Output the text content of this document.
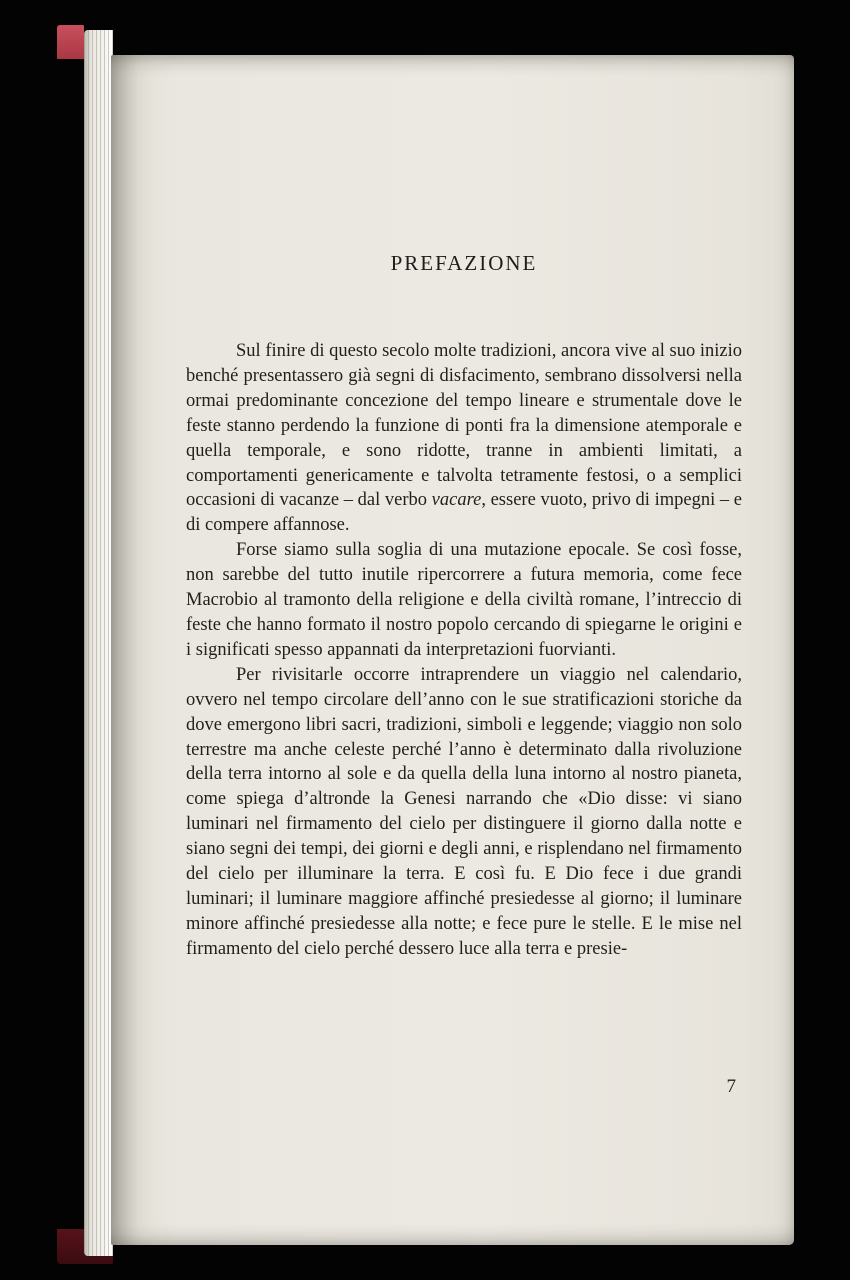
PREFAZIONE

Sul finire di questo secolo molte tradizioni, ancora vive al suo inizio benché presentassero già segni di disfacimento, sembrano dissolversi nella ormai predominante concezione del tempo lineare e strumentale dove le feste stanno perdendo la funzione di ponti fra la dimensione atemporale e quella temporale, e sono ridotte, tranne in ambienti limitati, a comportamenti genericamente e talvolta tetramente festosi, o a semplici occasioni di vacanze – dal verbo vacare, essere vuoto, privo di impegni – e di compere affannose.

Forse siamo sulla soglia di una mutazione epocale. Se così fosse, non sarebbe del tutto inutile ripercorrere a futura memoria, come fece Macrobio al tramonto della religione e della civiltà romane, l’intreccio di feste che hanno formato il nostro popolo cercando di spiegarne le origini e i significati spesso appannati da interpretazioni fuorvianti.

Per rivisitarle occorre intraprendere un viaggio nel calendario, ovvero nel tempo circolare dell’anno con le sue stratificazioni storiche da dove emergono libri sacri, tradizioni, simboli e leggende; viaggio non solo terrestre ma anche celeste perché l’anno è determinato dalla rivoluzione della terra intorno al sole e da quella della luna intorno al nostro pianeta, come spiega d’altronde la Genesi narrando che «Dio disse: vi siano luminari nel firmamento del cielo per distinguere il giorno dalla notte e siano segni dei tempi, dei giorni e degli anni, e risplendano nel firmamento del cielo per illuminare la terra. E così fu. E Dio fece i due grandi luminari; il luminare maggiore affinché presiedesse al giorno; il luminare minore affinché presiedesse alla notte; e fece pure le stelle. E le mise nel firmamento del cielo perché dessero luce alla terra e presie-

7
